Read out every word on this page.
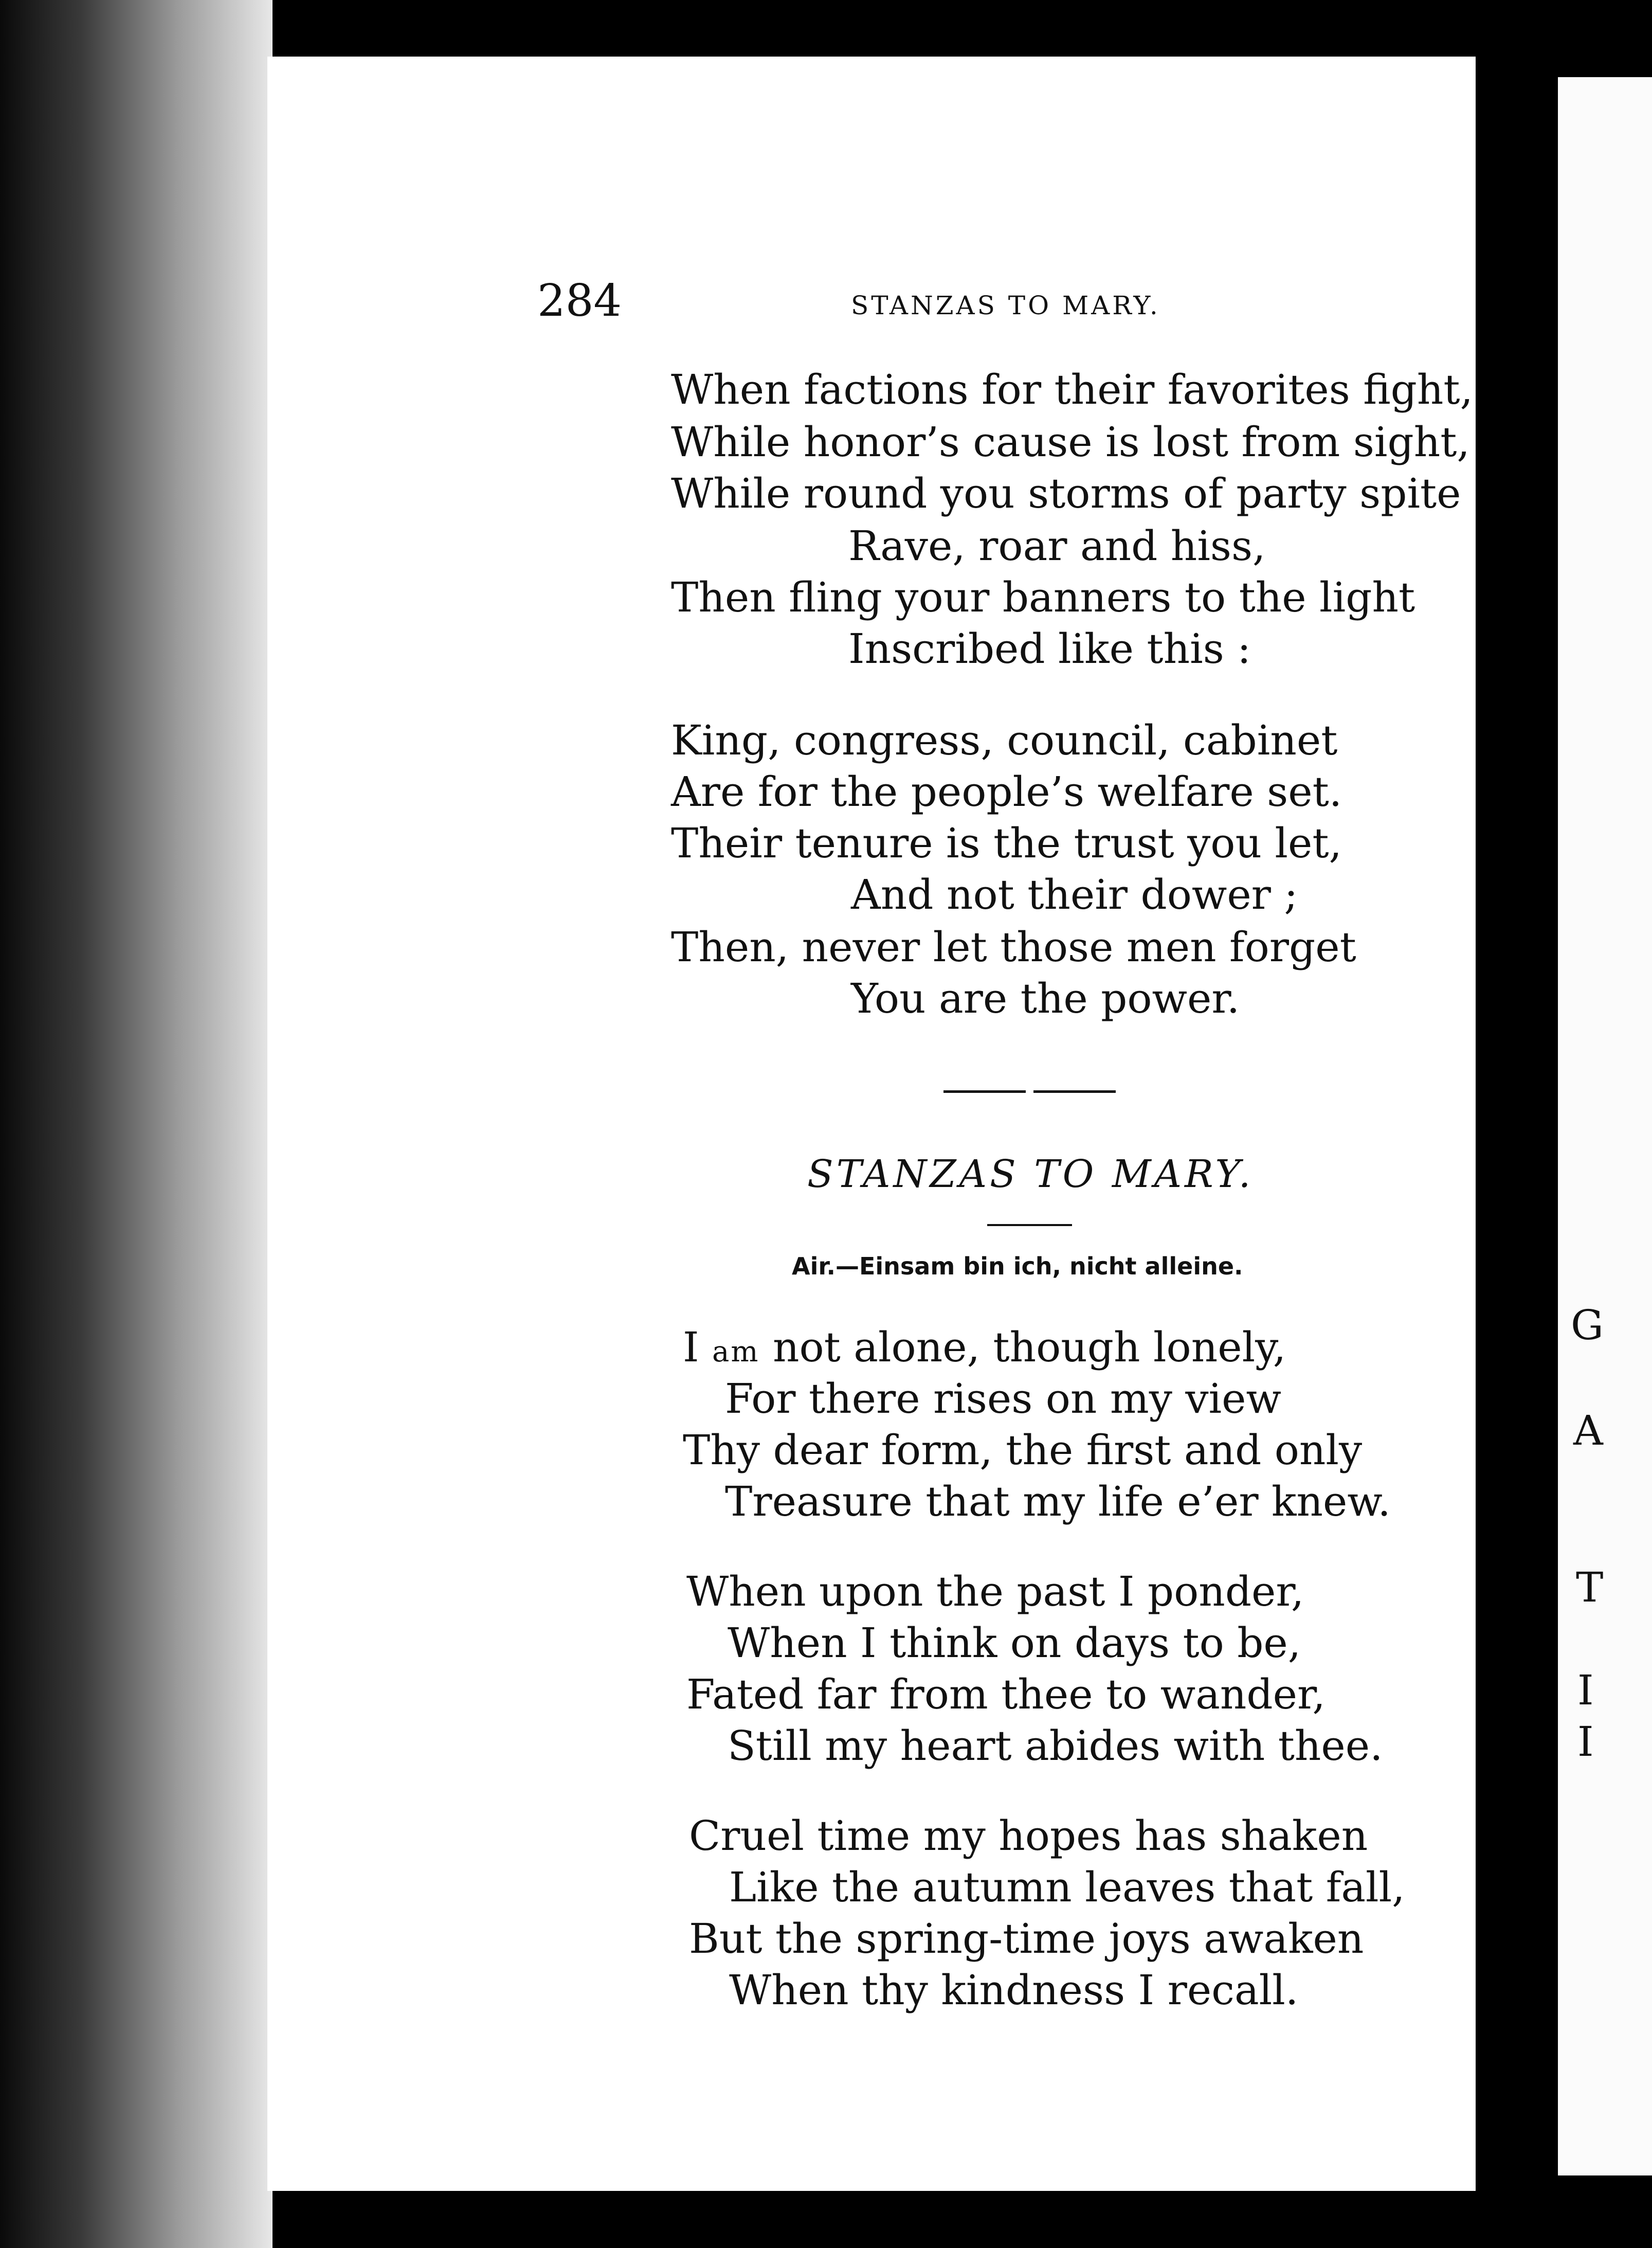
G
A
T
I
I
284	STANZAS TO MARY.
When factions for their favorites fight,
While honor’s cause is lost from sight,
While round you storms of party spite
Rave, roar and hiss,
Then fling your banners to the light
Inscribed like this :
King, congress, council, cabinet
Are for the people’s welfare set.
Their tenure is the trust you let,
And not their dower ;
Then, never let those men forget
You are the power.
STANZAS TO MARY.
Air.—Einsam bin ich, nicht alleine.
I am not alone, though lonely,
For there rises on my view
Thy dear form, the first and only
Treasure that my life e’er knew.
When upon the past I ponder,
When I think on days to be,
Fated far from thee to wander,
Still my heart abides with thee.
Cruel time my hopes has shaken
Like the autumn leaves that fall,
But the spring-time joys awaken
When thy kindness I recall.
